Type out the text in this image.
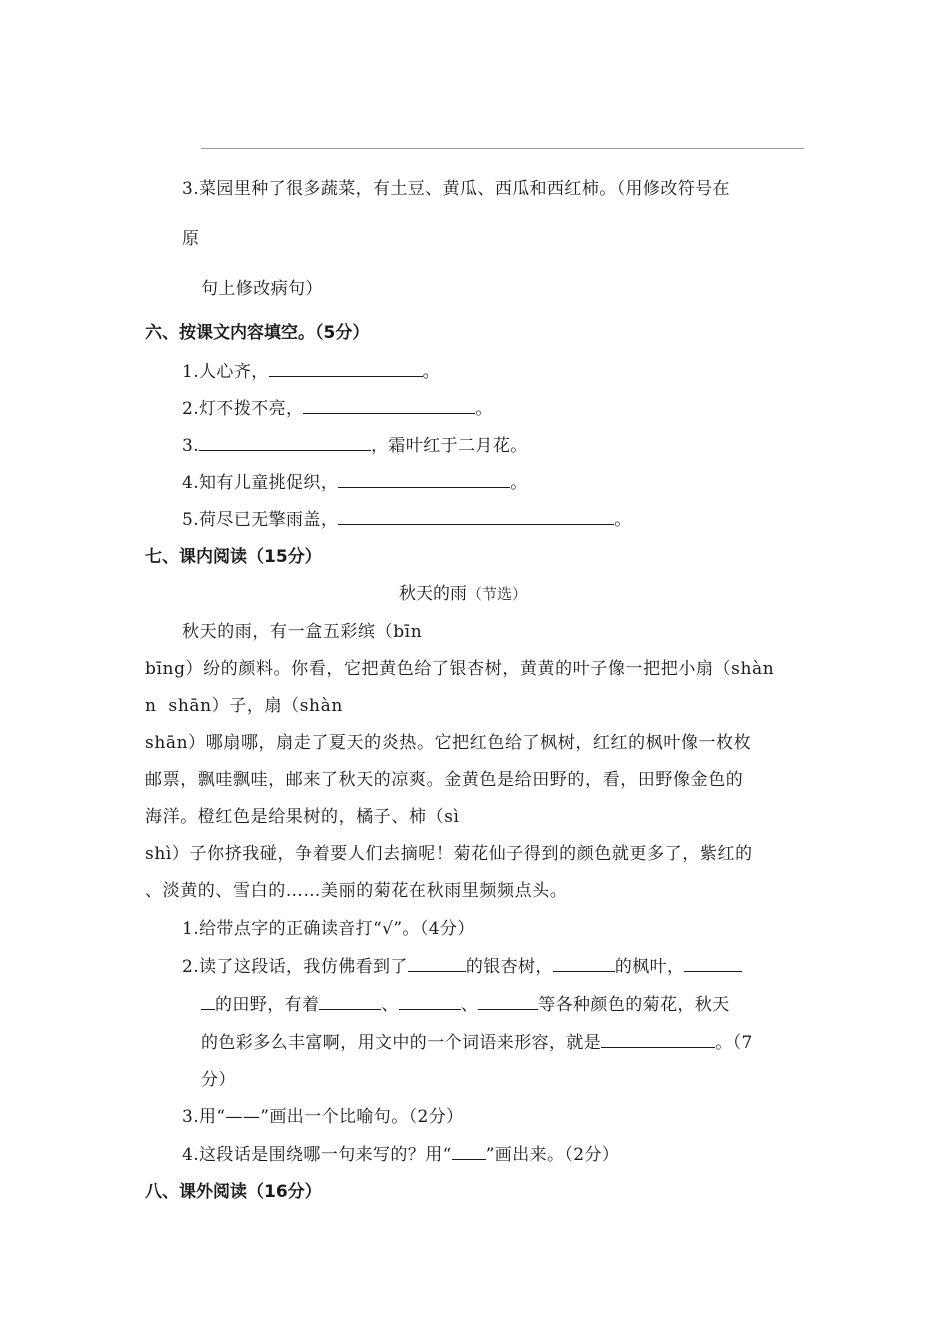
3.菜园里种了很多蔬菜，有土豆、黄瓜、西瓜和西红柿。（用修改符号在
原
句上修改病句）
六、按课文内容填空。（5分）
1.人心齐，	。
2.灯不拨不亮，	。
3.	，霜叶红于二月花。
4.知有儿童挑促织，	。
5.荷尽已无擎雨盖，	。
七、课内阅读（15分）
秋天的雨（节选）
秋天的雨，有一盒五彩缤（bīn
bīng）纷的颜料。你看，它把黄色给了银杏树，黄黄的叶子像一把把小扇（shàn
n  shān）子，扇（shàn
shān）哪扇哪，扇走了夏天的炎热。它把红色给了枫树，红红的枫叶像一枚枚
邮票，飘哇飘哇，邮来了秋天的凉爽。金黄色是给田野的，看，田野像金色的
海洋。橙红色是给果树的，橘子、柿（sì
shì）子你挤我碰，争着要人们去摘呢！菊花仙子得到的颜色就更多了，紫红的
、淡黄的、雪白的……美丽的菊花在秋雨里频频点头。
1.给带点字的正确读音打“√”。（4分）
2.读了这段话，我仿佛看到了	的银杏树，	的枫叶，
的田野，有着	、	、	等各种颜色的菊花，秋天
的色彩多么丰富啊，用文中的一个词语来形容，就是	。（7
分）
3.用“——”画出一个比喻句。（2分）
4.这段话是围绕哪一句来写的？用“ ”画出来。（2分）
八、课外阅读（16分）
